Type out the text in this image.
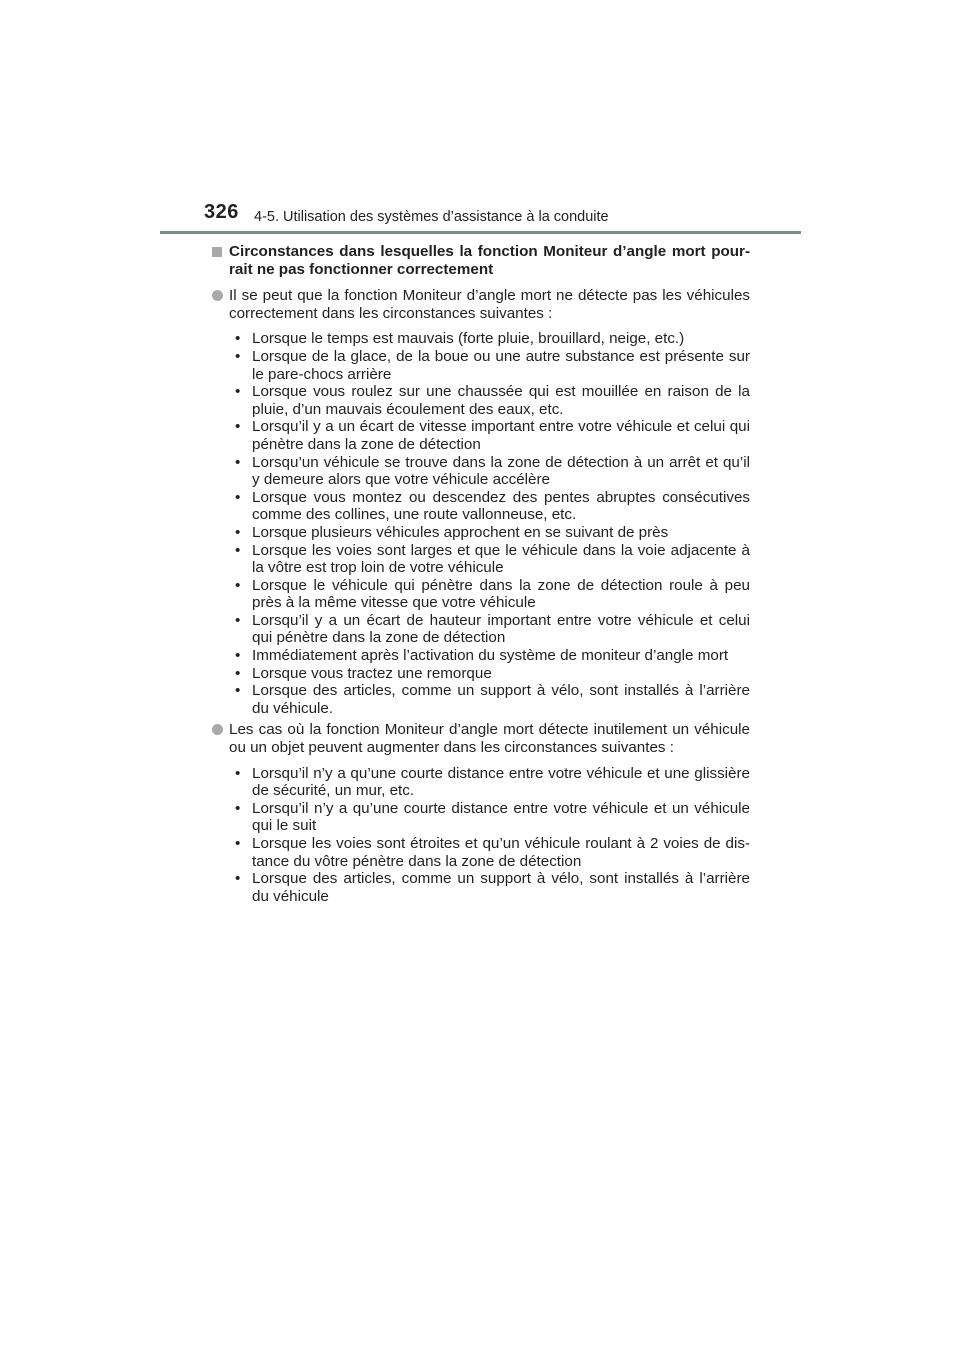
326 4-5. Utilisation des systèmes d’assistance à la conduite
Circonstances dans lesquelles la fonction Moniteur d’angle mort pour-rait ne pas fonctionner correctement
Il se peut que la fonction Moniteur d’angle mort ne détecte pas les véhicules correctement dans les circonstances suivantes :
• Lorsque le temps est mauvais (forte pluie, brouillard, neige, etc.)
• Lorsque de la glace, de la boue ou une autre substance est présente sur le pare-chocs arrière
• Lorsque vous roulez sur une chaussée qui est mouillée en raison de la pluie, d’un mauvais écoulement des eaux, etc.
• Lorsqu’il y a un écart de vitesse important entre votre véhicule et celui qui pénètre dans la zone de détection
• Lorsqu’un véhicule se trouve dans la zone de détection à un arrêt et qu’il y demeure alors que votre véhicule accélère
• Lorsque vous montez ou descendez des pentes abruptes consécutives comme des collines, une route vallonneuse, etc.
• Lorsque plusieurs véhicules approchent en se suivant de près
• Lorsque les voies sont larges et que le véhicule dans la voie adjacente à la vôtre est trop loin de votre véhicule
• Lorsque le véhicule qui pénètre dans la zone de détection roule à peu près à la même vitesse que votre véhicule
• Lorsqu’il y a un écart de hauteur important entre votre véhicule et celui qui pénètre dans la zone de détection
• Immédiatement après l’activation du système de moniteur d’angle mort
• Lorsque vous tractez une remorque
• Lorsque des articles, comme un support à vélo, sont installés à l’arrière du véhicule.
Les cas où la fonction Moniteur d’angle mort détecte inutilement un véhicule ou un objet peuvent augmenter dans les circonstances suivantes :
• Lorsqu’il n’y a qu’une courte distance entre votre véhicule et une glissière de sécurité, un mur, etc.
• Lorsqu’il n’y a qu’une courte distance entre votre véhicule et un véhicule qui le suit
• Lorsque les voies sont étroites et qu’un véhicule roulant à 2 voies de dis-tance du vôtre pénètre dans la zone de détection
• Lorsque des articles, comme un support à vélo, sont installés à l’arrière du véhicule
